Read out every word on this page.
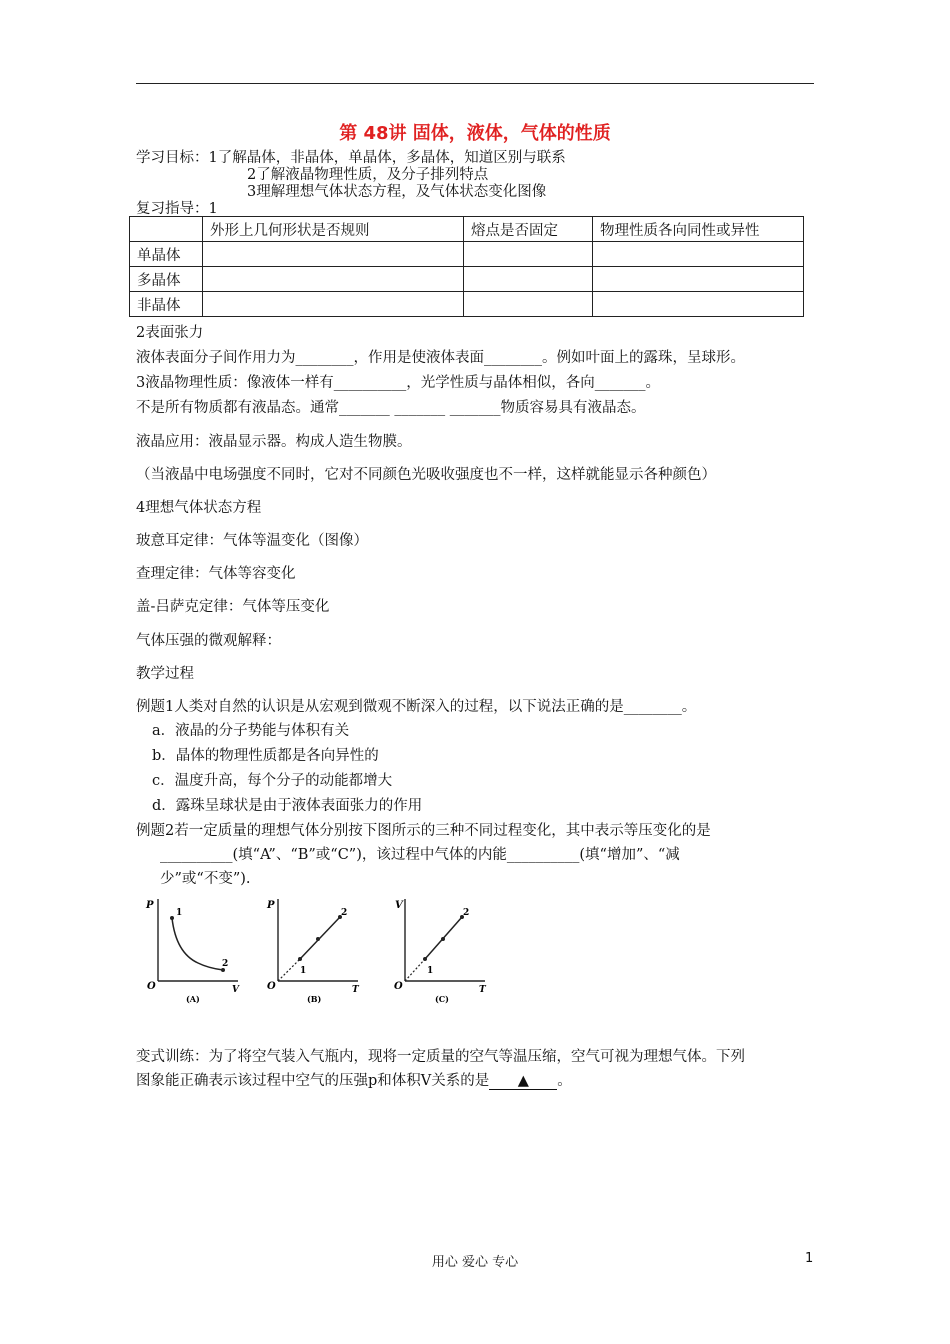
第 48讲 固体，液体，气体的性质
学习目标：1了解晶体，非晶体，单晶体，多晶体，知道区别与联系
2了解液晶物理性质，及分子排列特点
3理解理想气体状态方程，及气体状态变化图像
复习指导：1
	外形上几何形状是否规则	熔点是否固定	物理性质各向同性或异性
单晶体			
多晶体			
非晶体			
2表面张力
液体表面分子间作用力为________，作用是使液体表面________。例如叶面上的露珠，呈球形。
3液晶物理性质：像液体一样有__________，光学性质与晶体相似，各向_______。
不是所有物质都有液晶态。通常_______ _______ _______物质容易具有液晶态。
液晶应用：液晶显示器。构成人造生物膜。
（当液晶中电场强度不同时，它对不同颜色光吸收强度也不一样，这样就能显示各种颜色）
4理想气体状态方程
玻意耳定律：气体等温变化（图像）
查理定律：气体等容变化
盖-吕萨克定律：气体等压变化
气体压强的微观解释：
教学过程
例题1人类对自然的认识是从宏观到微观不断深入的过程，以下说法正确的是________。
a．液晶的分子势能与体积有关
b．晶体的物理性质都是各向异性的
c．温度升高，每个分子的动能都增大
d．露珠呈球状是由于液体表面张力的作用
例题2若一定质量的理想气体分别按下图所示的三种不同过程变化，其中表示等压变化的是
__________(填“A”、“B”或“C”)，该过程中气体的内能__________(填“增加”、“减
少”或“不变”).
P
V
O
1
2
(A)
P
T
O
1
2
(B)
V
T
O
1
2
(C)
变式训练：为了将空气装入气瓶内，现将一定质量的空气等温压缩，空气可视为理想气体。下列
图象能正确表示该过程中空气的压强p和体积V关系的是 ▲ 。
用心 爱心 专心	1
